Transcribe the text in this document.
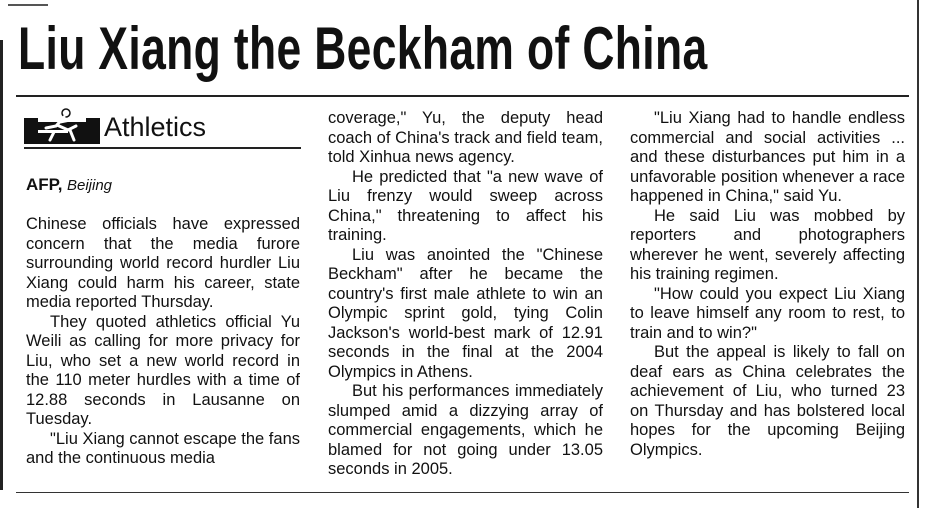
Liu Xiang the Beckham of China
Athletics
AFP, Beijing

Chinese officials have expressed concern that the media furore surrounding world record hurdler Liu Xiang could harm his career, state media reported Thursday.

They quoted athletics official Yu Weili as calling for more privacy for Liu, who set a new world record in the 110 meter hurdles with a time of 12.88 seconds in Lausanne on Tuesday.

"Liu Xiang cannot escape the fans and the continuous media

coverage," Yu, the deputy head coach of China's track and field team, told Xinhua news agency.

He predicted that "a new wave of Liu frenzy would sweep across China," threatening to affect his training.

Liu was anointed the "Chinese Beckham" after he became the country's first male athlete to win an Olympic sprint gold, tying Colin Jackson's world-best mark of 12.91 seconds in the final at the 2004 Olympics in Athens.

But his performances immediately slumped amid a dizzying array of commercial engagements, which he blamed for not going under 13.05 seconds in 2005.

"Liu Xiang had to handle endless commercial and social activities ... and these disturbances put him in a unfavorable position whenever a race happened in China," said Yu.

He said Liu was mobbed by reporters and photographers wherever he went, severely affecting his training regimen.

"How could you expect Liu Xiang to leave himself any room to rest, to train and to win?"

But the appeal is likely to fall on deaf ears as China celebrates the achievement of Liu, who turned 23 on Thursday and has bolstered local hopes for the upcoming Beijing Olympics.
